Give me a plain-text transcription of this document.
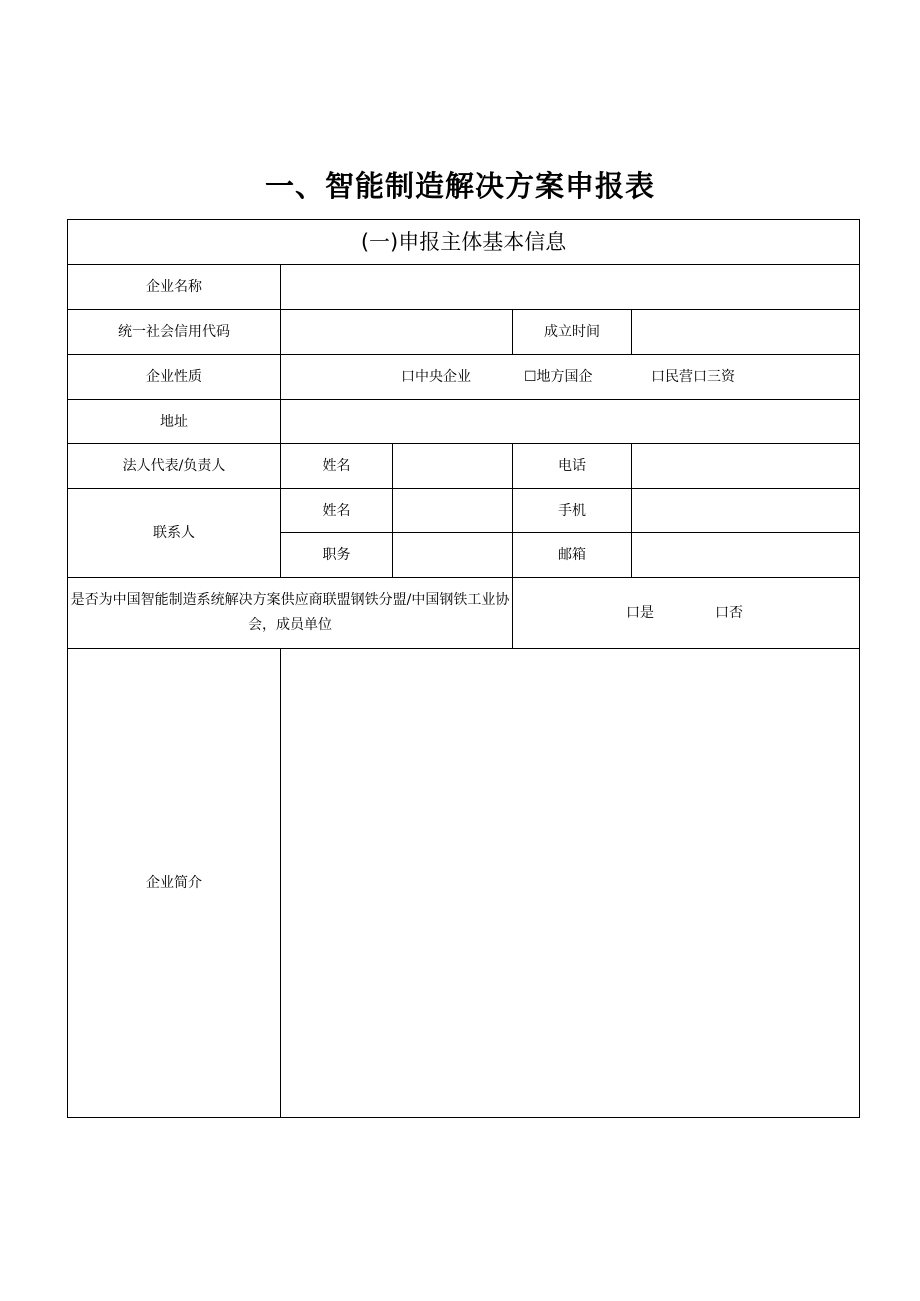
一、智能制造解决方案申报表
(一)申报主体基本信息				
企业名称				
统一社会信用代码			成立时间	
企业性质	口中央企业 ☐地方国企 口民营口三资			

地址				
法人代表/负责人	姓名		电话	
联系人	姓名		手机	
	职务		邮箱	
是否为中国智能制造系统解决方案供应商联盟钢铁分盟/中国钢铁工业协会，成员单位			口是 口否	

企业简介				
